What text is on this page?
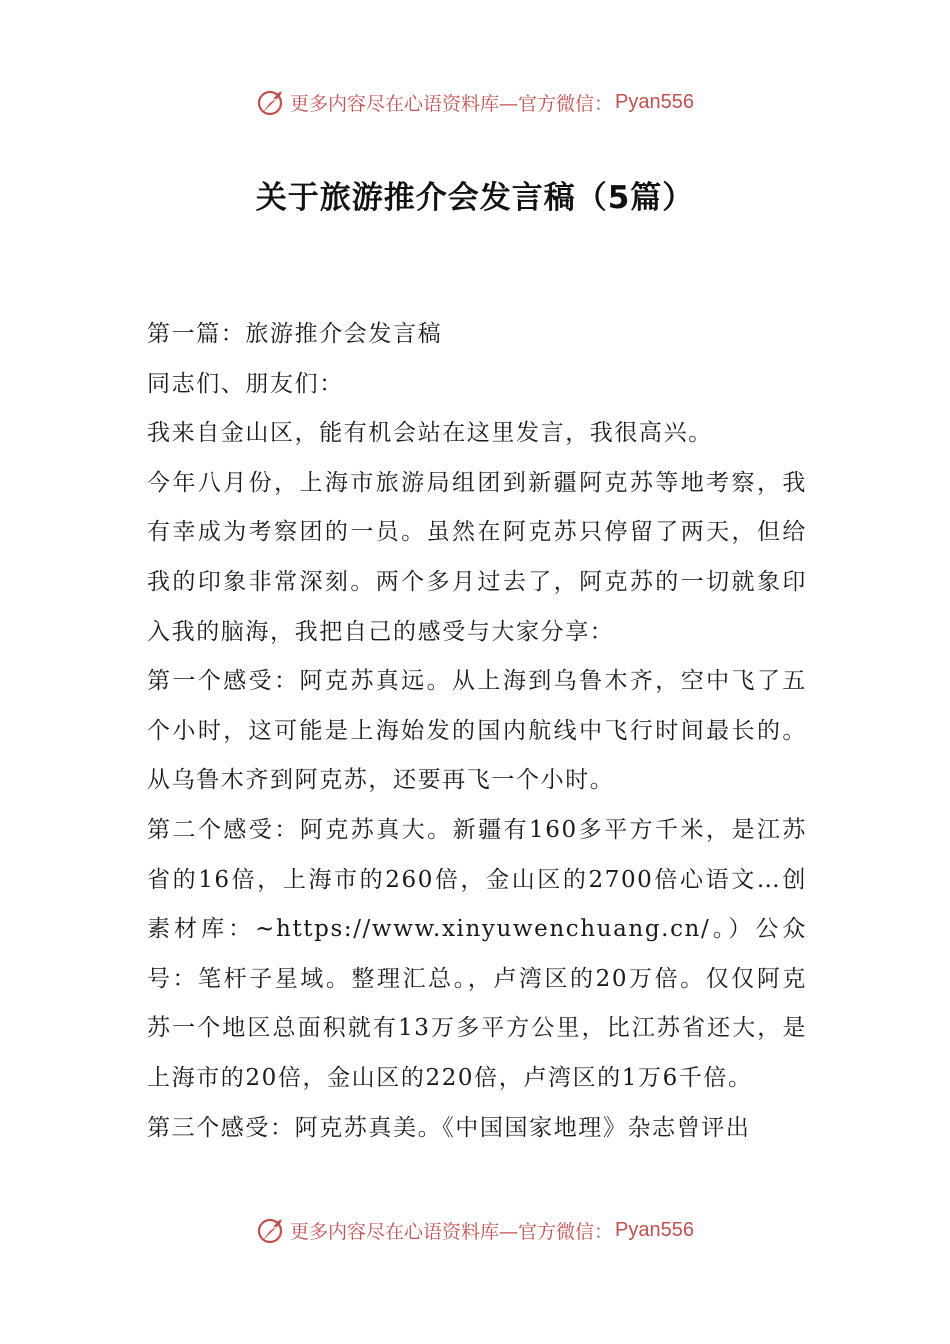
更多内容尽在心语资料库—官方微信： Pyan556
关于旅游推介会发言稿（5篇）

第一篇：旅游推介会发言稿

同志们、朋友们：

我来自金山区，能有机会站在这里发言，我很高兴。

今年八月份，上海市旅游局组团到新疆阿克苏等地考察，我有幸成为考察团的一员。虽然在阿克苏只停留了两天，但给我的印象非常深刻。两个多月过去了，阿克苏的一切就象印入我的脑海，我把自己的感受与大家分享：

第一个感受：阿克苏真远。从上海到乌鲁木齐，空中飞了五个小时，这可能是上海始发的国内航线中飞行时间最长的。从乌鲁木齐到阿克苏，还要再飞一个小时。

第二个感受：阿克苏真大。新疆有160多平方千米，是江苏省的16倍，上海市的260倍，金山区的2700倍心语文…创素材库：~https://www.xinyuwenchuang.cn/。）公众号：笔杆子星域。整理汇总。，卢湾区的20万倍。仅仅阿克苏一个地区总面积就有13万多平方公里，比江苏省还大，是上海市的20倍，金山区的220倍，卢湾区的1万6千倍。

第三个感受：阿克苏真美。《中国国家地理》杂志曾评出

更多内容尽在心语资料库—官方微信： Pyan556
